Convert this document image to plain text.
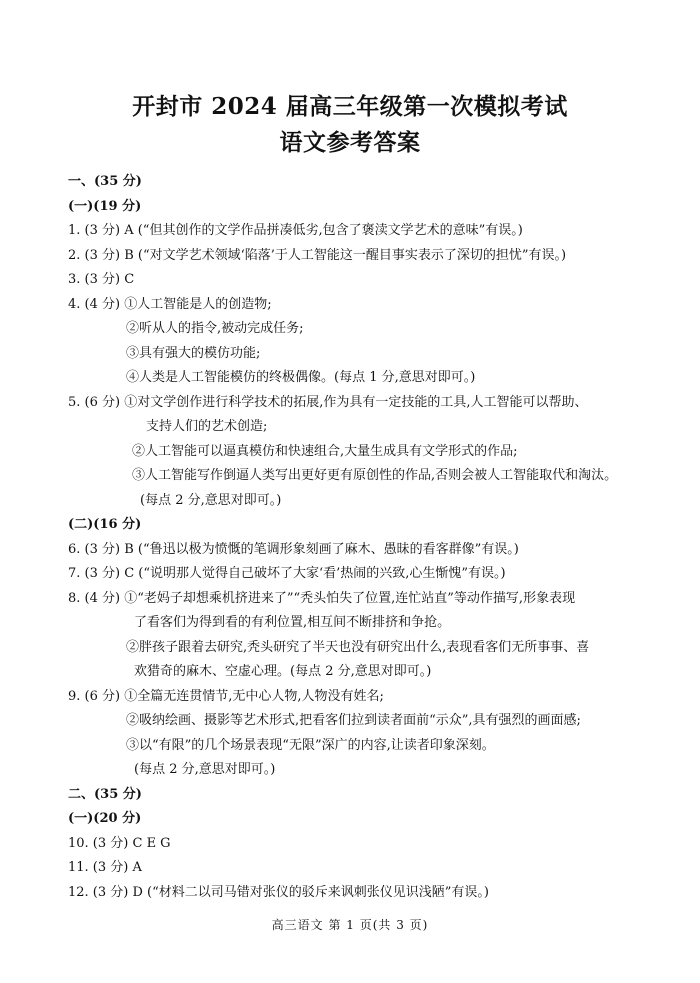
开封市 2024 届高三年级第一次模拟考试
语文参考答案
一、(35 分)
(一)(19 分)
1. (3 分) A (“但其创作的文学作品拼凑低劣,包含了褒渎文学艺术的意味”有误。)
2. (3 分) B (“对文学艺术领域‘陷落’于人工智能这一醒目事实表示了深切的担忧”有误。)
3. (3 分) C
4. (4 分) ①人工智能是人的创造物;
②听从人的指令,被动完成任务;
③具有强大的模仿功能;
④人类是人工智能模仿的终极偶像。(每点 1 分,意思对即可。)
5. (6 分) ①对文学创作进行科学技术的拓展,作为具有一定技能的工具,人工智能可以帮助、
支持人们的艺术创造;
②人工智能可以逼真模仿和快速组合,大量生成具有文学形式的作品;
③人工智能写作倒逼人类写出更好更有原创性的作品,否则会被人工智能取代和淘汰。
(每点 2 分,意思对即可。)
(二)(16 分)
6. (3 分) B (“鲁迅以极为愤慨的笔调形象刻画了麻木、愚昧的看客群像”有误。)
7. (3 分) C (“说明那人觉得自己破坏了大家‘看’热闹的兴致,心生惭愧”有误。)
8. (4 分) ①“老妈子却想乘机挤进来了”“秃头怕失了位置,连忙站直”等动作描写,形象表现
了看客们为得到看的有利位置,相互间不断排挤和争抢。
②胖孩子跟着去研究,秃头研究了半天也没有研究出什么,表现看客们无所事事、喜
欢猎奇的麻木、空虚心理。(每点 2 分,意思对即可。)
9. (6 分) ①全篇无连贯情节,无中心人物,人物没有姓名;
②吸纳绘画、摄影等艺术形式,把看客们拉到读者面前“示众”,具有强烈的画面感;
③以“有限”的几个场景表现“无限”深广的内容,让读者印象深刻。
(每点 2 分,意思对即可。)
二、(35 分)
(一)(20 分)
10. (3 分) C E G
11. (3 分) A
12. (3 分) D (“材料二以司马错对张仪的驳斥来讽刺张仪见识浅陋”有误。)
高三语文 第 1 页(共 3 页)
